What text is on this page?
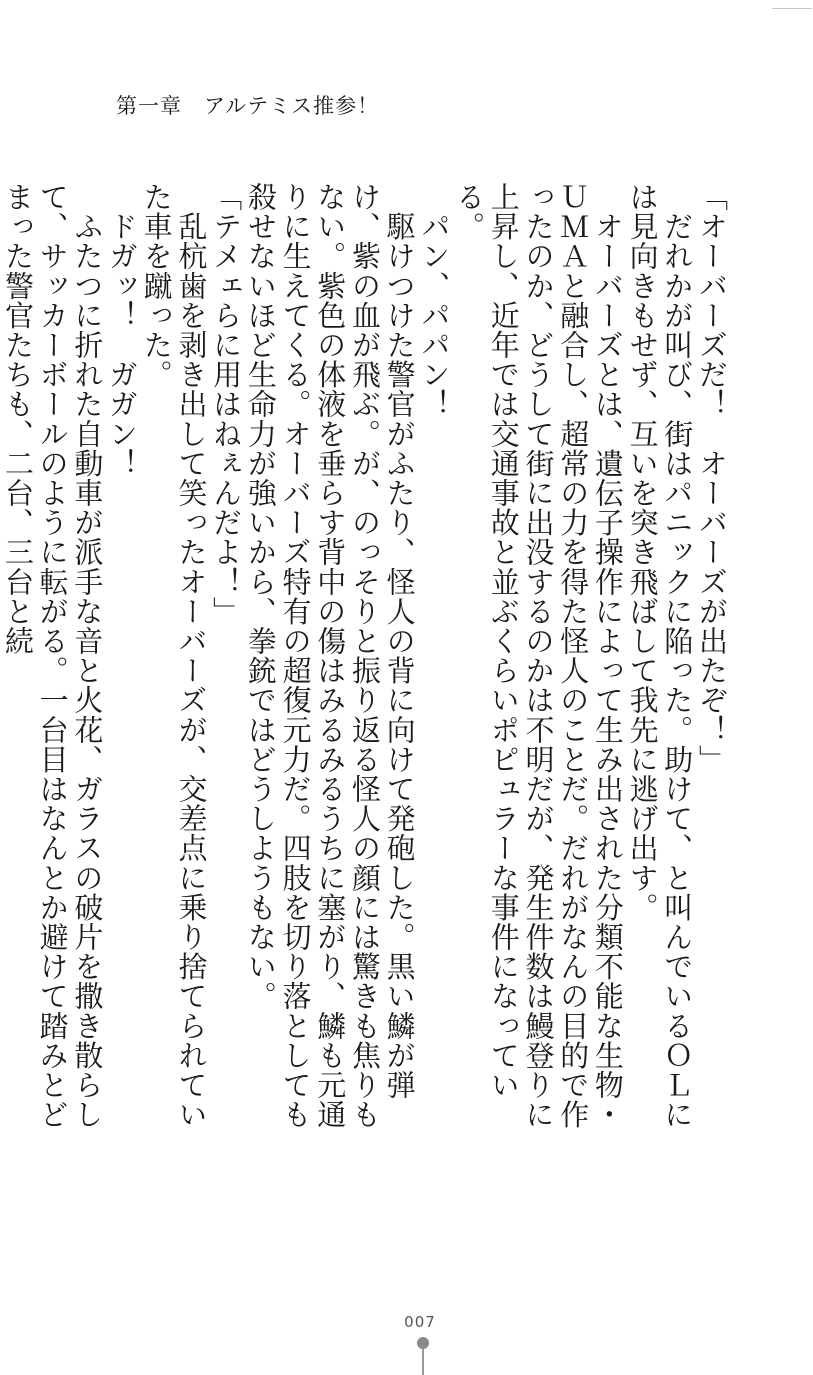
第一章　アルテミス推参！

「オーバーズだ！　オーバーズが出たぞ！」

　だれかが叫び、街はパニックに陥った。助けて、と叫んでいるＯＬには見向きもせず、互いを突き飛ばして我先に逃げ出す。

　オーバーズとは、遺伝子操作によって生み出された分類不能な生物・ＵＭＡと融合し、超常の力を得た怪人のことだ。だれがなんの目的で作ったのか、どうして街に出没するのかは不明だが、発生件数は鰻登りに上昇し、近年では交通事故と並ぶくらいポピュラーな事件になっている。

　パン、パパン！

　駆けつけた警官がふたり、怪人の背に向けて発砲した。黒い鱗が弾け、紫の血が飛ぶ。が、のっそりと振り返る怪人の顔には驚きも焦りもない。紫色の体液を垂らす背中の傷はみるみるうちに塞がり、鱗も元通りに生えてくる。オーバーズ特有の超復元力だ。四肢を切り落としても殺せないほど生命力が強いから、拳銃ではどうしようもない。

「テメェらに用はねぇんだよ！」

　乱杭歯を剥き出して笑ったオーバーズが、交差点に乗り捨てられていた車を蹴った。

　ドガッ！　ガガン！

　ふたつに折れた自動車が派手な音と火花、ガラスの破片を撒き散らして、サッカーボールのように転がる。一台目はなんとか避けて踏みとどまった警官たちも、二台、三台と続

007
